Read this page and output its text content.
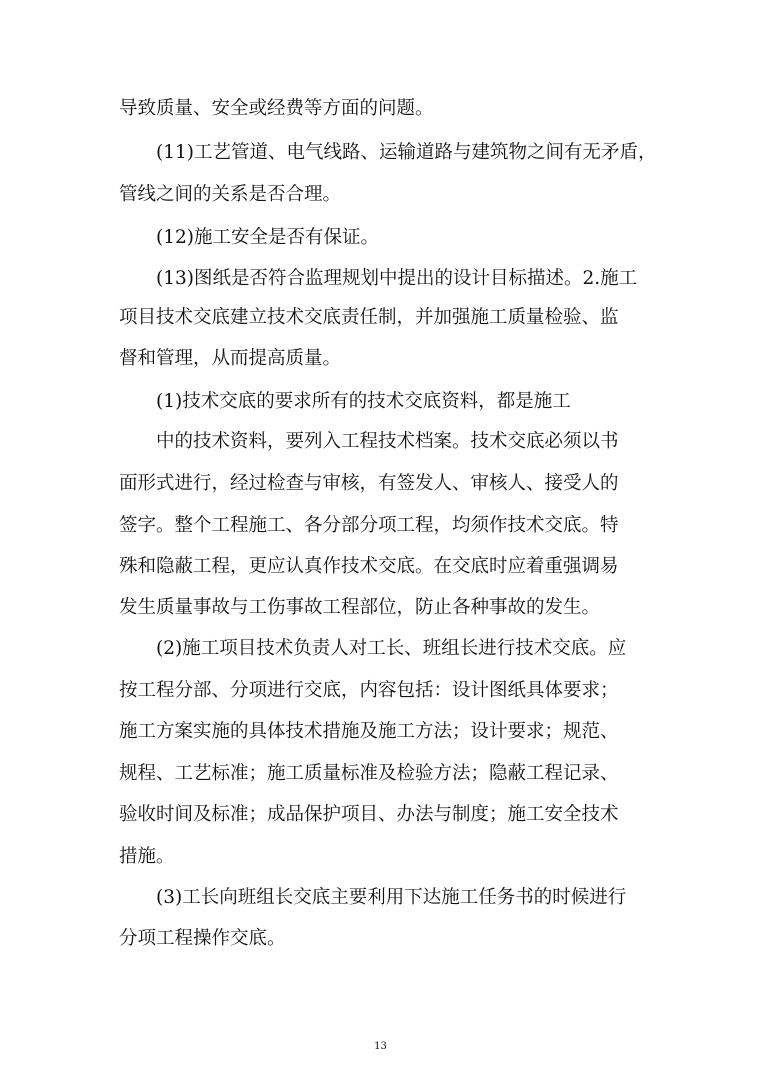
导致质量、安全或经费等方面的问题。
(11)工艺管道、电气线路、运输道路与建筑物之间有无矛盾，
管线之间的关系是否合理。
(12)施工安全是否有保证。
(13)图纸是否符合监理规划中提出的设计目标描述。2.施工
项目技术交底建立技术交底责任制，并加强施工质量检验、监
督和管理，从而提高质量。
(1)技术交底的要求所有的技术交底资料，都是施工
中的技术资料，要列入工程技术档案。技术交底必须以书
面形式进行，经过检查与审核，有签发人、审核人、接受人的
签字。整个工程施工、各分部分项工程，均须作技术交底。特
殊和隐蔽工程，更应认真作技术交底。在交底时应着重强调易
发生质量事故与工伤事故工程部位，防止各种事故的发生。
(2)施工项目技术负责人对工长、班组长进行技术交底。应
按工程分部、分项进行交底，内容包括：设计图纸具体要求；
施工方案实施的具体技术措施及施工方法；设计要求；规范、
规程、工艺标准；施工质量标准及检验方法；隐蔽工程记录、
验收时间及标准；成品保护项目、办法与制度；施工安全技术
措施。
(3)工长向班组长交底主要利用下达施工任务书的时候进行
分项工程操作交底。
13
